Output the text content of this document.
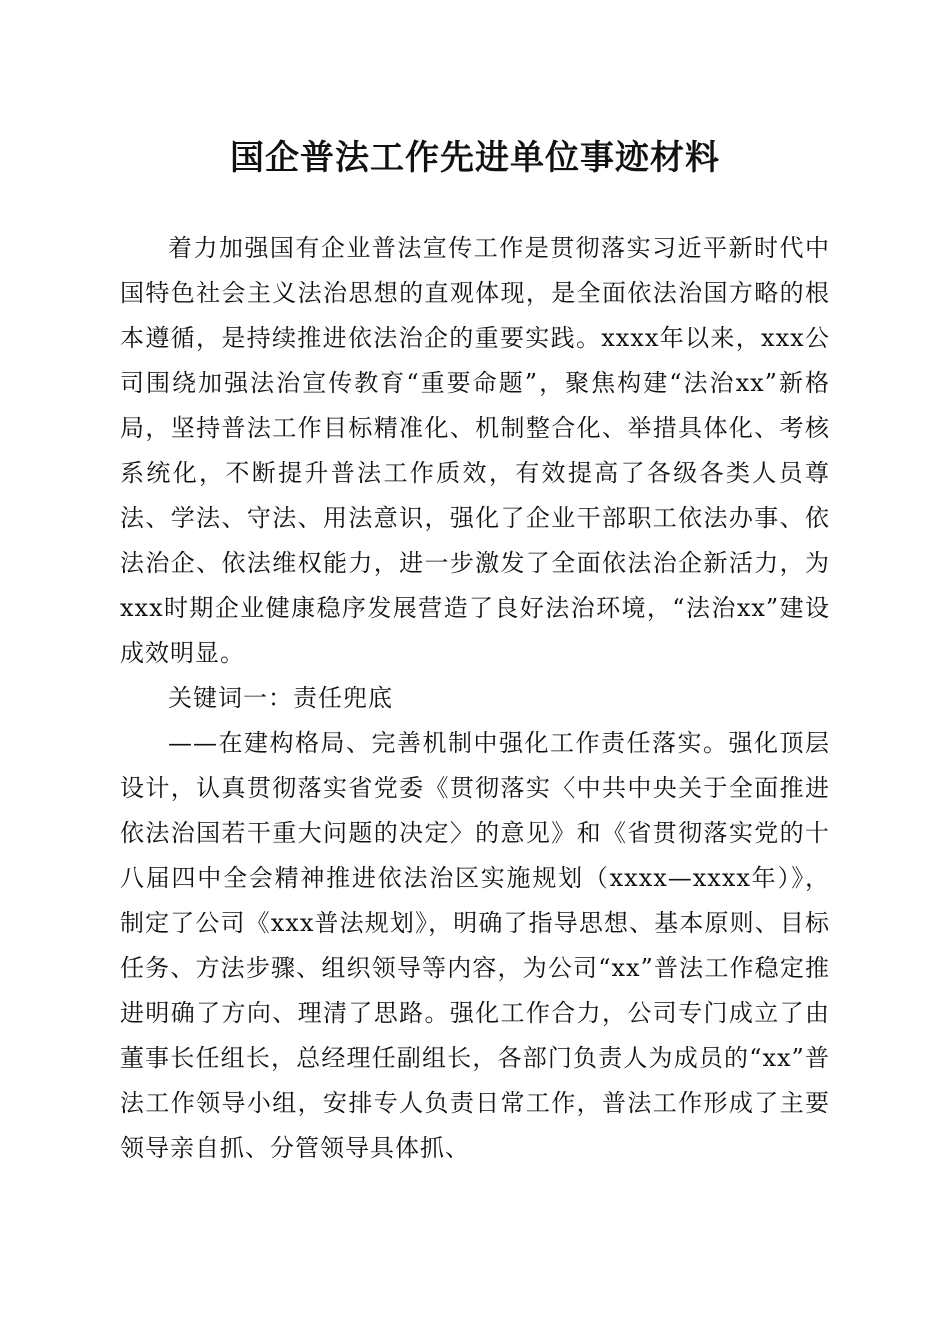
国企普法工作先进单位事迹材料

着力加强国有企业普法宣传工作是贯彻落实习近平新时代中国特色社会主义法治思想的直观体现，是全面依法治国方略的根本遵循，是持续推进依法治企的重要实践。xxxx年以来，xxx公司围绕加强法治宣传教育“重要命题”，聚焦构建“法治xx”新格局，坚持普法工作目标精准化、机制整合化、举措具体化、考核系统化，不断提升普法工作质效，有效提高了各级各类人员尊法、学法、守法、用法意识，强化了企业干部职工依法办事、依法治企、依法维权能力，进一步激发了全面依法治企新活力，为xxx时期企业健康稳序发展营造了良好法治环境，“法治xx”建设成效明显。

关键词一：责任兜底

——在建构格局、完善机制中强化工作责任落实。强化顶层设计，认真贯彻落实省党委《贯彻落实〈中共中央关于全面推进依法治国若干重大问题的决定〉的意见》和《省贯彻落实党的十八届四中全会精神推进依法治区实施规划（xxxx—xxxx年）》，制定了公司《xxx普法规划》，明确了指导思想、基本原则、目标任务、方法步骤、组织领导等内容，为公司“xx”普法工作稳定推进明确了方向、理清了思路。强化工作合力，公司专门成立了由董事长任组长，总经理任副组长，各部门负责人为成员的“xx”普法工作领导小组，安排专人负责日常工作，普法工作形成了主要领导亲自抓、分管领导具体抓、
